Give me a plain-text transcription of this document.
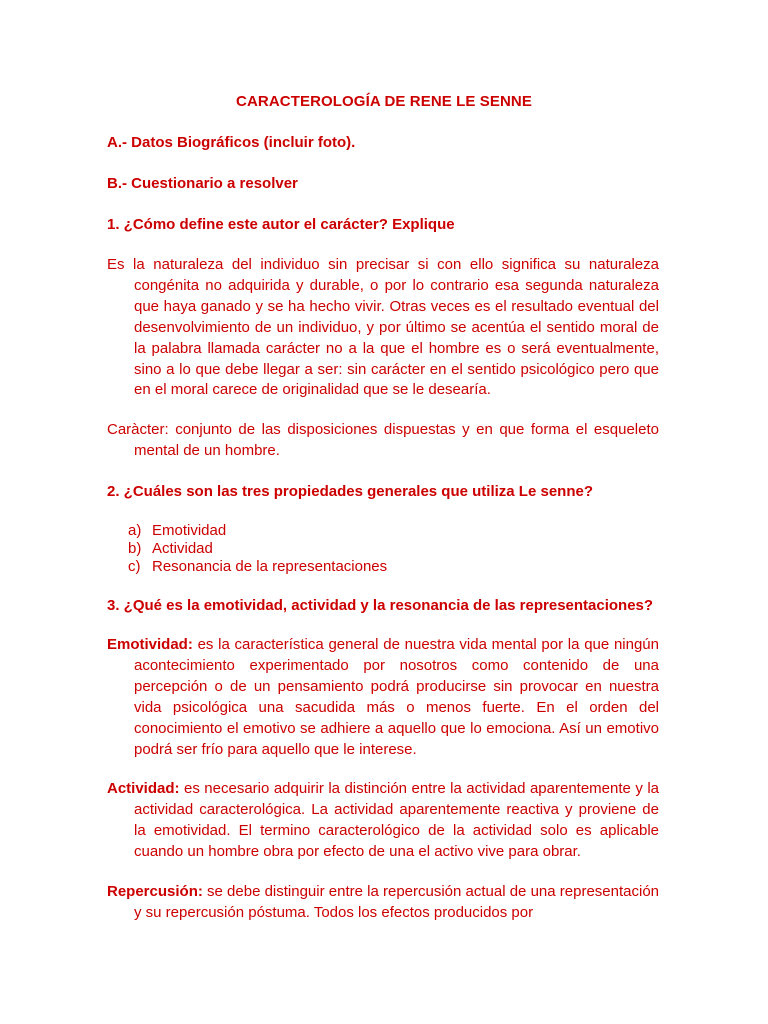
CARACTEROLOGÍA DE RENE LE SENNE
A.- Datos Biográficos (incluir foto).
B.- Cuestionario a resolver
1. ¿Cómo define este autor el carácter? Explique
Es la naturaleza del individuo sin precisar si con ello significa su naturaleza congénita no adquirida y durable, o por lo contrario esa segunda naturaleza que haya ganado y se ha hecho vivir. Otras veces es el resultado eventual del desenvolvimiento de un individuo, y por último se acentúa el sentido moral de la palabra llamada carácter no a la que el hombre es o será eventualmente, sino a lo que debe llegar a ser: sin carácter en el sentido psicológico pero que en el moral carece de originalidad que se le desearía.
Caràcter: conjunto de las disposiciones dispuestas y en que forma el esqueleto mental de un hombre.
2. ¿Cuáles son las tres propiedades generales que utiliza Le senne?
a) Emotividad
b) Actividad
c) Resonancia de la representaciones
3. ¿Qué es la emotividad, actividad y la resonancia de las representaciones?
Emotividad: es la característica general de nuestra vida mental por la que ningún acontecimiento experimentado por nosotros como contenido de una percepción o de un pensamiento podrá producirse sin provocar en nuestra vida psicológica una sacudida más o menos fuerte. En el orden del conocimiento el emotivo se adhiere a aquello que lo emociona. Así un emotivo podrá ser frío para aquello que le interese.
Actividad: es necesario adquirir la distinción entre la actividad aparentemente y la actividad caracterológica. La actividad aparentemente reactiva y proviene de la emotividad. El termino caracterológico de la actividad solo es aplicable cuando un hombre obra por efecto de una el activo vive para obrar.
Repercusión: se debe distinguir entre la repercusión actual de una representación y su repercusión póstuma. Todos los efectos producidos por
